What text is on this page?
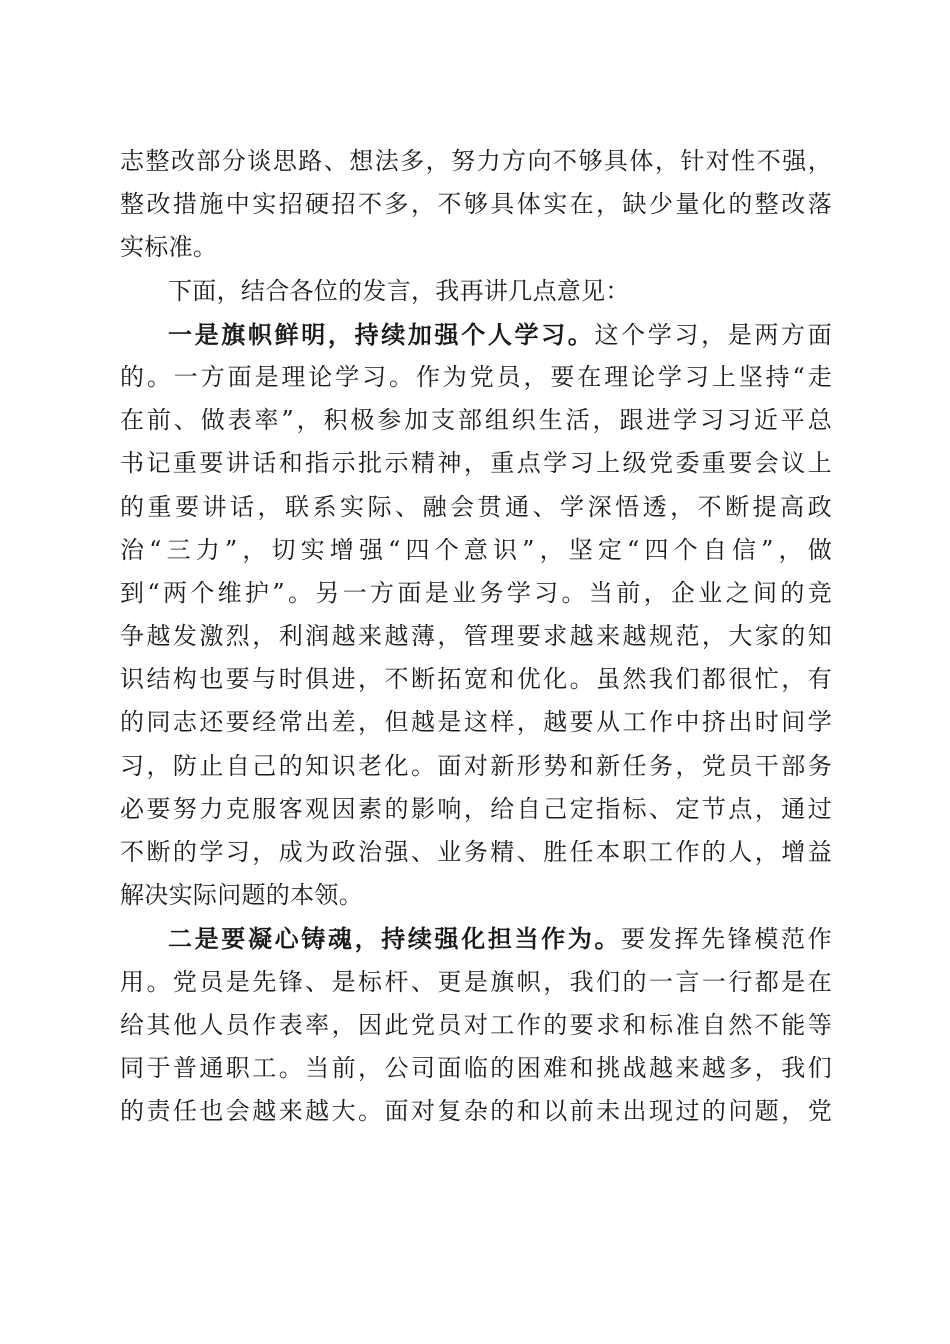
志整改部分谈思路、想法多，努力方向不够具体，针对性不强，
整改措施中实招硬招不多，不够具体实在，缺少量化的整改落
实标准。
下面，结合各位的发言，我再讲几点意见：
一是旗帜鲜明，持续加强个人学习。这个学习，是两方面
的。一方面是理论学习。作为党员，要在理论学习上坚持“走
在前、做表率”，积极参加支部组织生活，跟进学习习近平总
书记重要讲话和指示批示精神，重点学习上级党委重要会议上
的重要讲话，联系实际、融会贯通、学深悟透，不断提高政
治“三力”，切实增强“四个意识”，坚定“四个自信”，做
到“两个维护”。另一方面是业务学习。当前，企业之间的竞
争越发激烈，利润越来越薄，管理要求越来越规范，大家的知
识结构也要与时俱进，不断拓宽和优化。虽然我们都很忙，有
的同志还要经常出差，但越是这样，越要从工作中挤出时间学
习，防止自己的知识老化。面对新形势和新任务，党员干部务
必要努力克服客观因素的影响，给自己定指标、定节点，通过
不断的学习，成为政治强、业务精、胜任本职工作的人，增益
解决实际问题的本领。
二是要凝心铸魂，持续强化担当作为。要发挥先锋模范作
用。党员是先锋、是标杆、更是旗帜，我们的一言一行都是在
给其他人员作表率，因此党员对工作的要求和标准自然不能等
同于普通职工。当前，公司面临的困难和挑战越来越多，我们
的责任也会越来越大。面对复杂的和以前未出现过的问题，党
